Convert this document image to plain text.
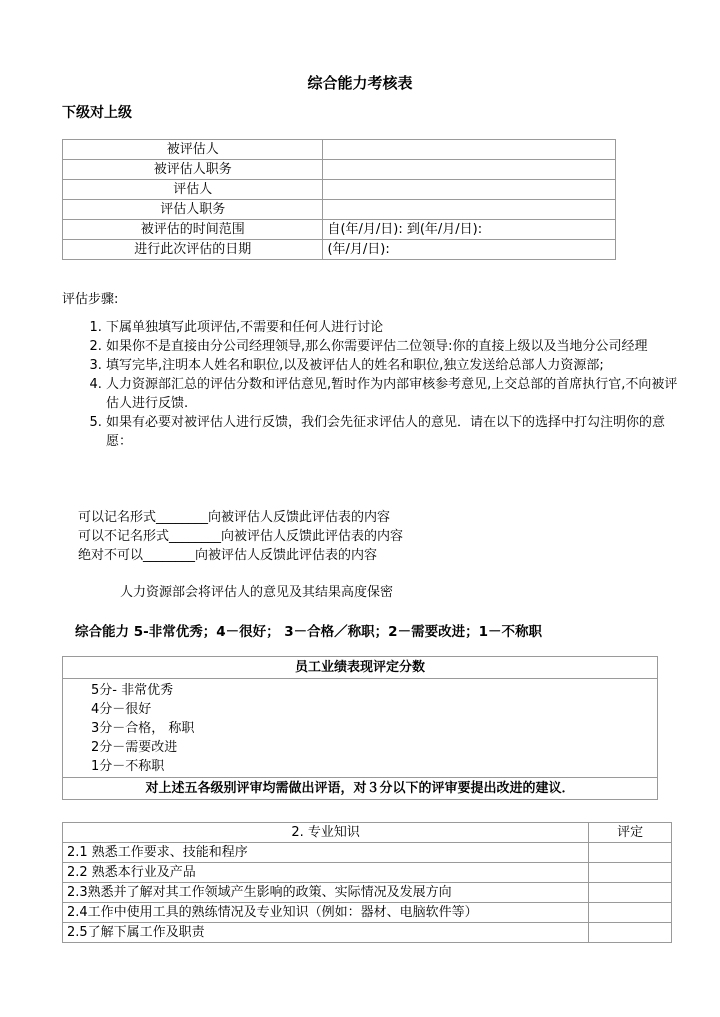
综合能力考核表
下级对上级
被评估人	
被评估人职务	
评估人	
评估人职务	
被评估的时间范围	自(年/月/日): 到(年/月/日):
进行此次评估的日期	(年/月/日):
评估步骤:
1. 下属单独填写此项评估,不需要和任何人进行讨论
2. 如果你不是直接由分公司经理领导,那么你需要评估二位领导:你的直接上级以及当地分公司经理
3. 填写完毕,注明本人姓名和职位,以及被评估人的姓名和职位,独立发送给总部人力资源部;
4. 人力资源部汇总的评估分数和评估意见,暂时作为内部审核参考意见,上交总部的首席执行官,不向被评估人进行反馈.
5. 如果有必要对被评估人进行反馈，我们会先征求评估人的意见．请在以下的选择中打勾注明你的意愿：
可以记名形式________向被评估人反馈此评估表的内容
可以不记名形式________向被评估人反馈此评估表的内容
绝对不可以________向被评估人反馈此评估表的内容
人力资源部会将评估人的意见及其结果高度保密
综合能力 5-非常优秀；4－很好； 3－合格／称职；2－需要改进；1－不称职
员工业绩表现评定分数
5分- 非常优秀
4分－很好
3分－合格， 称职
2分－需要改进
1分－不称职
对上述五各级别评审均需做出评语，对３分以下的评审要提出改进的建议．
2. 专业知识	评定
2.1 熟悉工作要求、技能和程序	
2.2 熟悉本行业及产品	
2.3熟悉并了解对其工作领域产生影响的政策、实际情况及发展方向	
2.4工作中使用工具的熟练情况及专业知识（例如：器材、电脑软件等）	
2.5了解下属工作及职责	
